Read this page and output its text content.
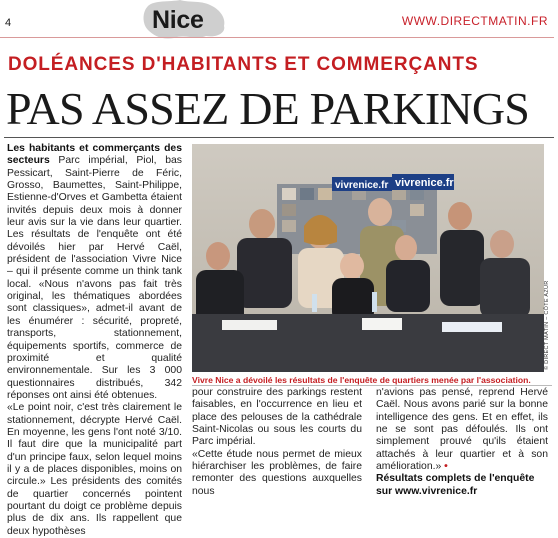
4	Nice	WWW.DIRECTMATIN.FR
DOLÉANCES D'HABITANTS ET COMMERÇANTS
PAS ASSEZ DE PARKINGS

Les habitants et commerçants des secteurs Parc impérial, Piol, bas Pessicart, Saint-Pierre de Féric, Grosso, Baumettes, Saint-Philippe, Estienne-d'Orves et Gambetta étaient invités depuis deux mois à donner leur avis sur la vie dans leur quartier. Les résultats de l'enquête ont été dévoilés hier par Hervé Caël, président de l'association Vivre Nice – qui il présente comme un think tank local. «Nous n'avons pas fait très original, les thématiques abordées sont classiques», admet-il avant de les énumérer : sécurité, propreté, transports, stationnement, équipements sportifs, commerce de proximité et qualité environnementale. Sur les 3 000 questionnaires distribués, 342 réponses ont ainsi été obtenues.

«Le point noir, c'est très clairement le stationnement, décrypte Hervé Caël. En moyenne, les gens l'ont noté 3/10. Il faut dire que la municipalité part d'un principe faux, selon lequel moins il y a de places disponibles, moins on circule.» Les présidents des comités de quartier concernés pointent pourtant du doigt ce problème depuis plus de dix ans. Ils rappellent que deux hypothèses

vivrenice.fr vivrenice.fr
© DIRECT MATIN – CÔTE AZUR
Vivre Nice a dévoilé les résultats de l'enquête de quartiers menée par l'association.

pour construire des parkings restent faisables, en l'occurrence en lieu et place des pelouses de la cathédrale Saint-Nicolas ou sous les courts du Parc impérial.

«Cette étude nous permet de mieux hiérarchiser les problèmes, de faire remonter des questions auxquelles nous

n'avions pas pensé, reprend Hervé Caël. Nous avons parié sur la bonne intelligence des gens. Et en effet, ils ne se sont pas défoulés. Ils ont simplement prouvé qu'ils étaient attachés à leur quartier et à son amélioration.» •

Résultats complets de l'enquête
sur www.vivrenice.fr
